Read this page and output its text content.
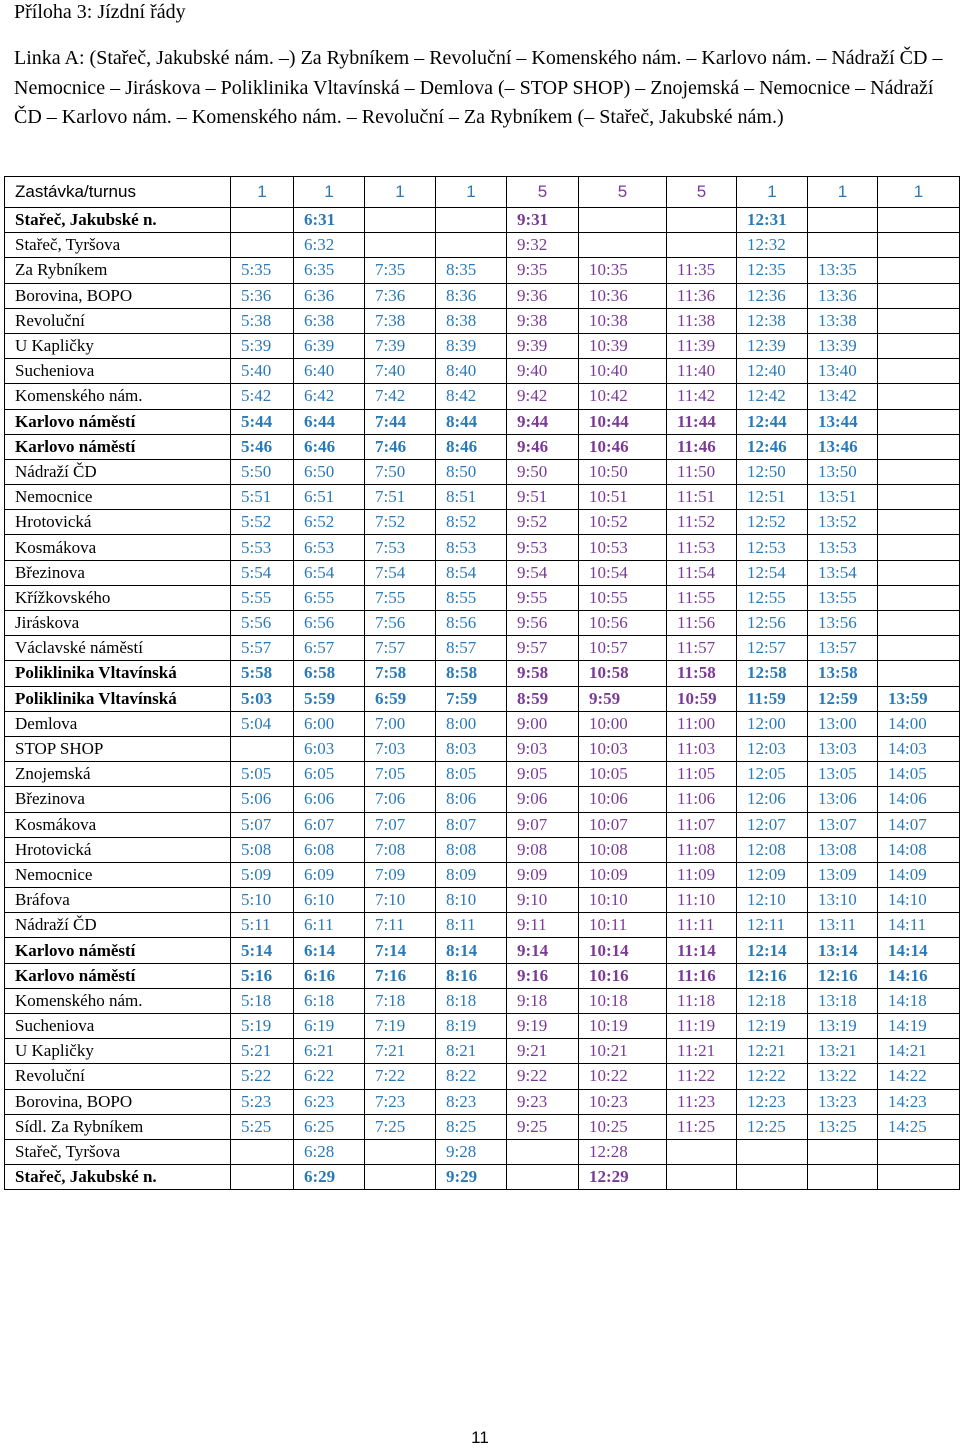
Příloha 3: Jízdní řády

Linka A: (Stařeč, Jakubské nám. –) Za Rybníkem – Revoluční – Komenského nám. – Karlovo nám. – Nádraží ČD – Nemocnice – Jiráskova – Poliklinika Vltavínská – Demlova (– STOP SHOP) – Znojemská – Nemocnice – Nádraží ČD – Karlovo nám. – Komenského nám. – Revoluční – Za Rybníkem (– Stařeč, Jakubské nám.)

Zastávka/turnus	1	1	1	1	5	5	5	1	1	1
Stařeč, Jakubské n.		6:31			9:31			12:31		
Stařeč, Tyršova		6:32			9:32			12:32		
Za Rybníkem	5:35	6:35	7:35	8:35	9:35	10:35	11:35	12:35	13:35	
Borovina, BOPO	5:36	6:36	7:36	8:36	9:36	10:36	11:36	12:36	13:36	
Revoluční	5:38	6:38	7:38	8:38	9:38	10:38	11:38	12:38	13:38	
U Kapličky	5:39	6:39	7:39	8:39	9:39	10:39	11:39	12:39	13:39	
Sucheniova	5:40	6:40	7:40	8:40	9:40	10:40	11:40	12:40	13:40	
Komenského nám.	5:42	6:42	7:42	8:42	9:42	10:42	11:42	12:42	13:42	
Karlovo náměstí	5:44	6:44	7:44	8:44	9:44	10:44	11:44	12:44	13:44	
Karlovo náměstí	5:46	6:46	7:46	8:46	9:46	10:46	11:46	12:46	13:46	
Nádraží ČD	5:50	6:50	7:50	8:50	9:50	10:50	11:50	12:50	13:50	
Nemocnice	5:51	6:51	7:51	8:51	9:51	10:51	11:51	12:51	13:51	
Hrotovická	5:52	6:52	7:52	8:52	9:52	10:52	11:52	12:52	13:52	
Kosmákova	5:53	6:53	7:53	8:53	9:53	10:53	11:53	12:53	13:53	
Březinova	5:54	6:54	7:54	8:54	9:54	10:54	11:54	12:54	13:54	
Křížkovského	5:55	6:55	7:55	8:55	9:55	10:55	11:55	12:55	13:55	
Jiráskova	5:56	6:56	7:56	8:56	9:56	10:56	11:56	12:56	13:56	
Václavské náměstí	5:57	6:57	7:57	8:57	9:57	10:57	11:57	12:57	13:57	
Poliklinika Vltavínská	5:58	6:58	7:58	8:58	9:58	10:58	11:58	12:58	13:58	
Poliklinika Vltavínská	5:03	5:59	6:59	7:59	8:59	9:59	10:59	11:59	12:59	13:59
Demlova	5:04	6:00	7:00	8:00	9:00	10:00	11:00	12:00	13:00	14:00
STOP SHOP		6:03	7:03	8:03	9:03	10:03	11:03	12:03	13:03	14:03
Znojemská	5:05	6:05	7:05	8:05	9:05	10:05	11:05	12:05	13:05	14:05
Březinova	5:06	6:06	7:06	8:06	9:06	10:06	11:06	12:06	13:06	14:06
Kosmákova	5:07	6:07	7:07	8:07	9:07	10:07	11:07	12:07	13:07	14:07
Hrotovická	5:08	6:08	7:08	8:08	9:08	10:08	11:08	12:08	13:08	14:08
Nemocnice	5:09	6:09	7:09	8:09	9:09	10:09	11:09	12:09	13:09	14:09
Bráfova	5:10	6:10	7:10	8:10	9:10	10:10	11:10	12:10	13:10	14:10
Nádraží ČD	5:11	6:11	7:11	8:11	9:11	10:11	11:11	12:11	13:11	14:11
Karlovo náměstí	5:14	6:14	7:14	8:14	9:14	10:14	11:14	12:14	13:14	14:14
Karlovo náměstí	5:16	6:16	7:16	8:16	9:16	10:16	11:16	12:16	12:16	14:16
Komenského nám.	5:18	6:18	7:18	8:18	9:18	10:18	11:18	12:18	13:18	14:18
Sucheniova	5:19	6:19	7:19	8:19	9:19	10:19	11:19	12:19	13:19	14:19
U Kapličky	5:21	6:21	7:21	8:21	9:21	10:21	11:21	12:21	13:21	14:21
Revoluční	5:22	6:22	7:22	8:22	9:22	10:22	11:22	12:22	13:22	14:22
Borovina, BOPO	5:23	6:23	7:23	8:23	9:23	10:23	11:23	12:23	13:23	14:23
Sídl. Za Rybníkem	5:25	6:25	7:25	8:25	9:25	10:25	11:25	12:25	13:25	14:25
Stařeč, Tyršova		6:28		9:28		12:28				
Stařeč, Jakubské n.		6:29		9:29		12:29				
11
